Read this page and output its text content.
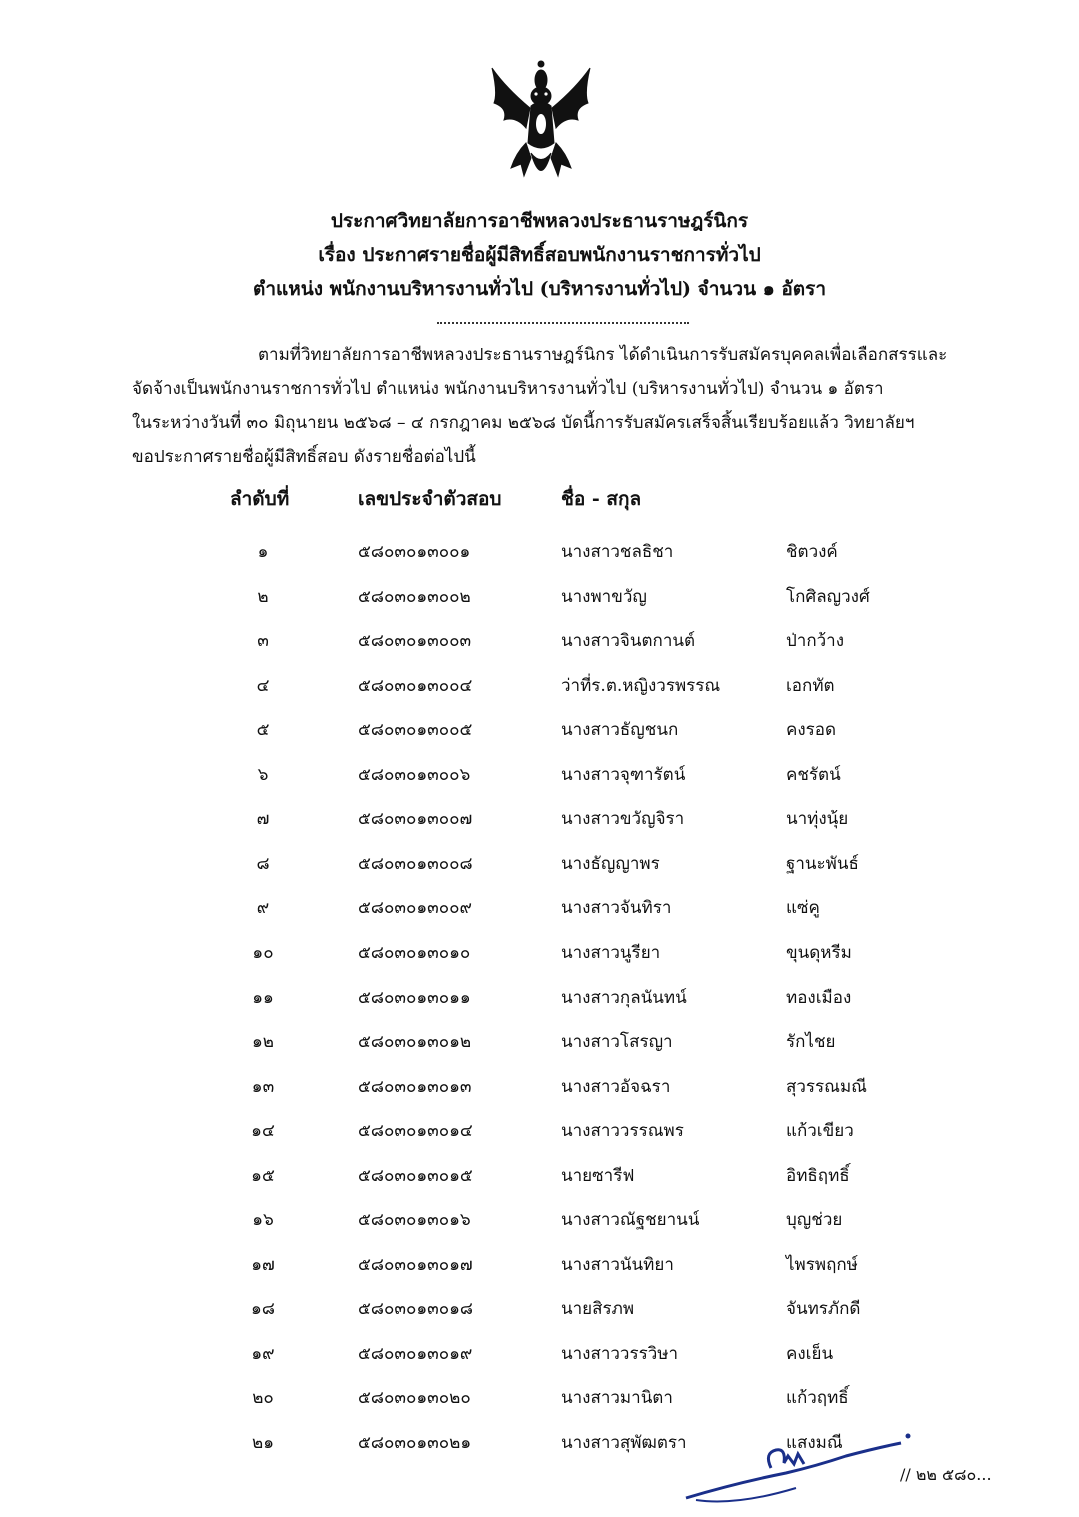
ประกาศวิทยาลัยการอาชีพหลวงประธานราษฎร์นิกร
เรื่อง ประกาศรายชื่อผู้มีสิทธิ์สอบพนักงานราชการทั่วไป
ตำแหน่ง พนักงานบริหารงานทั่วไป (บริหารงานทั่วไป) จำนวน ๑ อัตรา
ตามที่วิทยาลัยการอาชีพหลวงประธานราษฎร์นิกร ได้ดำเนินการรับสมัครบุคคลเพื่อเลือกสรรและ
จัดจ้างเป็นพนักงานราชการทั่วไป ตำแหน่ง พนักงานบริหารงานทั่วไป (บริหารงานทั่วไป) จำนวน ๑ อัตรา
ในระหว่างวันที่ ๓๐ มิถุนายน ๒๕๖๘ – ๔ กรกฎาคม ๒๕๖๘ บัดนี้การรับสมัครเสร็จสิ้นเรียบร้อยแล้ว วิทยาลัยฯ
ขอประกาศรายชื่อผู้มีสิทธิ์สอบ ดังรายชื่อต่อไปนี้
ลำดับที่	เลขประจำตัวสอบ	ชื่อ - สกุล
๑	๕๘๐๓๐๑๓๐๐๑	นางสาวชลธิชา	ชิตวงค์
๒	๕๘๐๓๐๑๓๐๐๒	นางพาขวัญ	โกศิลญวงศ์
๓	๕๘๐๓๐๑๓๐๐๓	นางสาวจินตกานต์	ป่ากว้าง
๔	๕๘๐๓๐๑๓๐๐๔	ว่าที่ร.ต.หญิงวรพรรณ	เอกทัต
๕	๕๘๐๓๐๑๓๐๐๕	นางสาวธัญชนก	คงรอด
๖	๕๘๐๓๐๑๓๐๐๖	นางสาวจุฑารัตน์	คชรัตน์
๗	๕๘๐๓๐๑๓๐๐๗	นางสาวขวัญจิรา	นาทุ่งนุ้ย
๘	๕๘๐๓๐๑๓๐๐๘	นางธัญญาพร	ฐานะพันธ์
๙	๕๘๐๓๐๑๓๐๐๙	นางสาวจันทิรา	แซ่คู
๑๐	๕๘๐๓๐๑๓๐๑๐	นางสาวนูรียา	ขุนดุหรีม
๑๑	๕๘๐๓๐๑๓๐๑๑	นางสาวกุลนันทน์	ทองเมือง
๑๒	๕๘๐๓๐๑๓๐๑๒	นางสาวโสรญา	รักไชย
๑๓	๕๘๐๓๐๑๓๐๑๓	นางสาวอัจฉรา	สุวรรณมณี
๑๔	๕๘๐๓๐๑๓๐๑๔	นางสาววรรณพร	แก้วเขียว
๑๕	๕๘๐๓๐๑๓๐๑๕	นายซารีฟ	อิทธิฤทธิ์
๑๖	๕๘๐๓๐๑๓๐๑๖	นางสาวณัฐชยานน์	บุญช่วย
๑๗	๕๘๐๓๐๑๓๐๑๗	นางสาวนันทิยา	ไพรพฤกษ์
๑๘	๕๘๐๓๐๑๓๐๑๘	นายสิรภพ	จันทรภักดี
๑๙	๕๘๐๓๐๑๓๐๑๙	นางสาววรรวิษา	คงเย็น
๒๐	๕๘๐๓๐๑๓๐๒๐	นางสาวมานิตา	แก้วฤทธิ์
๒๑	๕๘๐๓๐๑๓๐๒๑	นางสาวสุพัฒตรา	แสงมณี
// ๒๒ ๕๘๐...
